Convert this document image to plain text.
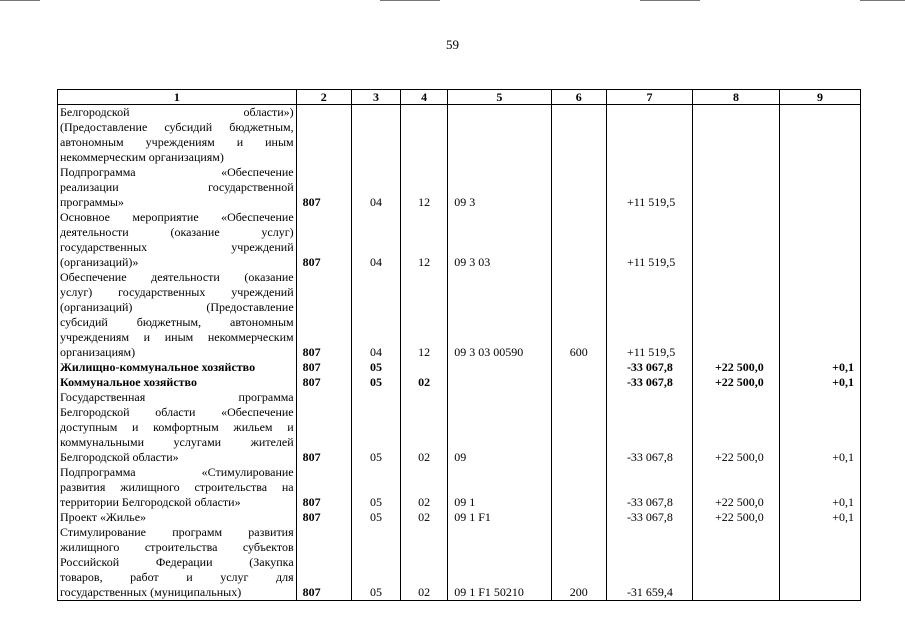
59
1	2	3	4	5	6	7	8	9
Белгородской области»)								
(Предоставление субсидий бюджетным,								
автономным учреждениям и иным								
некоммерческим организациям)								
Подпрограмма «Обеспечение								
реализации государственной								
программы»	807	04	12	09 3		+11 519,5		
Основное мероприятие «Обеспечение								
деятельности (оказание услуг)								
государственных учреждений								
(организаций)»	807	04	12	09 3 03		+11 519,5		
Обеспечение деятельности (оказание								
услуг) государственных учреждений								
(организаций) (Предоставление								
субсидий бюджетным, автономным								
учреждениям и иным некоммерческим								
организациям)	807	04	12	09 3 03 00590	600	+11 519,5		
Жилищно-коммунальное хозяйство	807	05				-33 067,8	+22 500,0	+0,1
Коммунальное хозяйство	807	05	02			-33 067,8	+22 500,0	+0,1
Государственная программа								
Белгородской области «Обеспечение								
доступным и комфортным жильем и								
коммунальными услугами жителей								
Белгородской области»	807	05	02	09		-33 067,8	+22 500,0	+0,1
Подпрограмма «Стимулирование								
развития жилищного строительства на								
территории Белгородской области»	807	05	02	09 1		-33 067,8	+22 500,0	+0,1
Проект «Жилье»	807	05	02	09 1 F1		-33 067,8	+22 500,0	+0,1
Стимулирование программ развития								
жилищного строительства субъектов								
Российской Федерации (Закупка								
товаров, работ и услуг для								
государственных (муниципальных)	807	05	02	09 1 F1 50210	200	-31 659,4		
